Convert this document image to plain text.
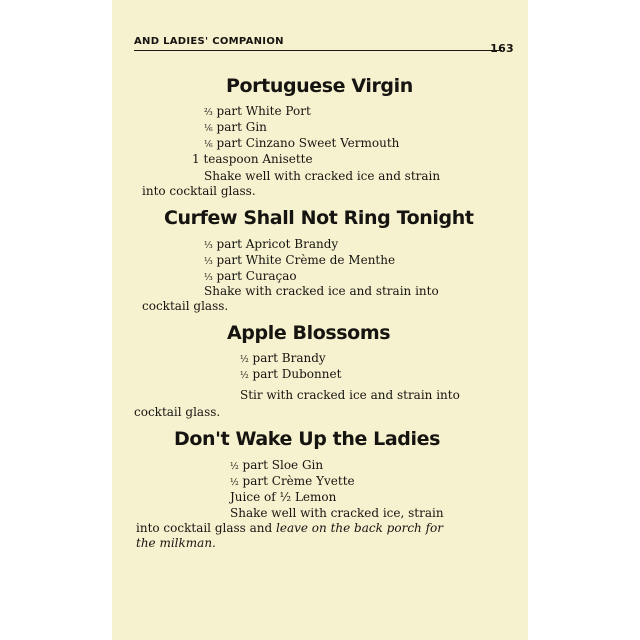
AND LADIES' COMPANION
163
Portuguese Virgin
⅔ part White Port
⅙ part Gin
⅙ part Cinzano Sweet Vermouth
1 teaspoon Anisette

Shake well with cracked ice and strain into cocktail glass.

Curfew Shall Not Ring Tonight
⅓ part Apricot Brandy
⅓ part White Crème de Menthe
⅓ part Curaçao

Shake with cracked ice and strain into cocktail glass.

Apple Blossoms
½ part Brandy
½ part Dubonnet

Stir with cracked ice and strain into cocktail glass.

Don't Wake Up the Ladies
½ part Sloe Gin
½ part Crème Yvette
Juice of ½ Lemon

Shake well with cracked ice, strain into cocktail glass and leave on the back porch for the milkman.
